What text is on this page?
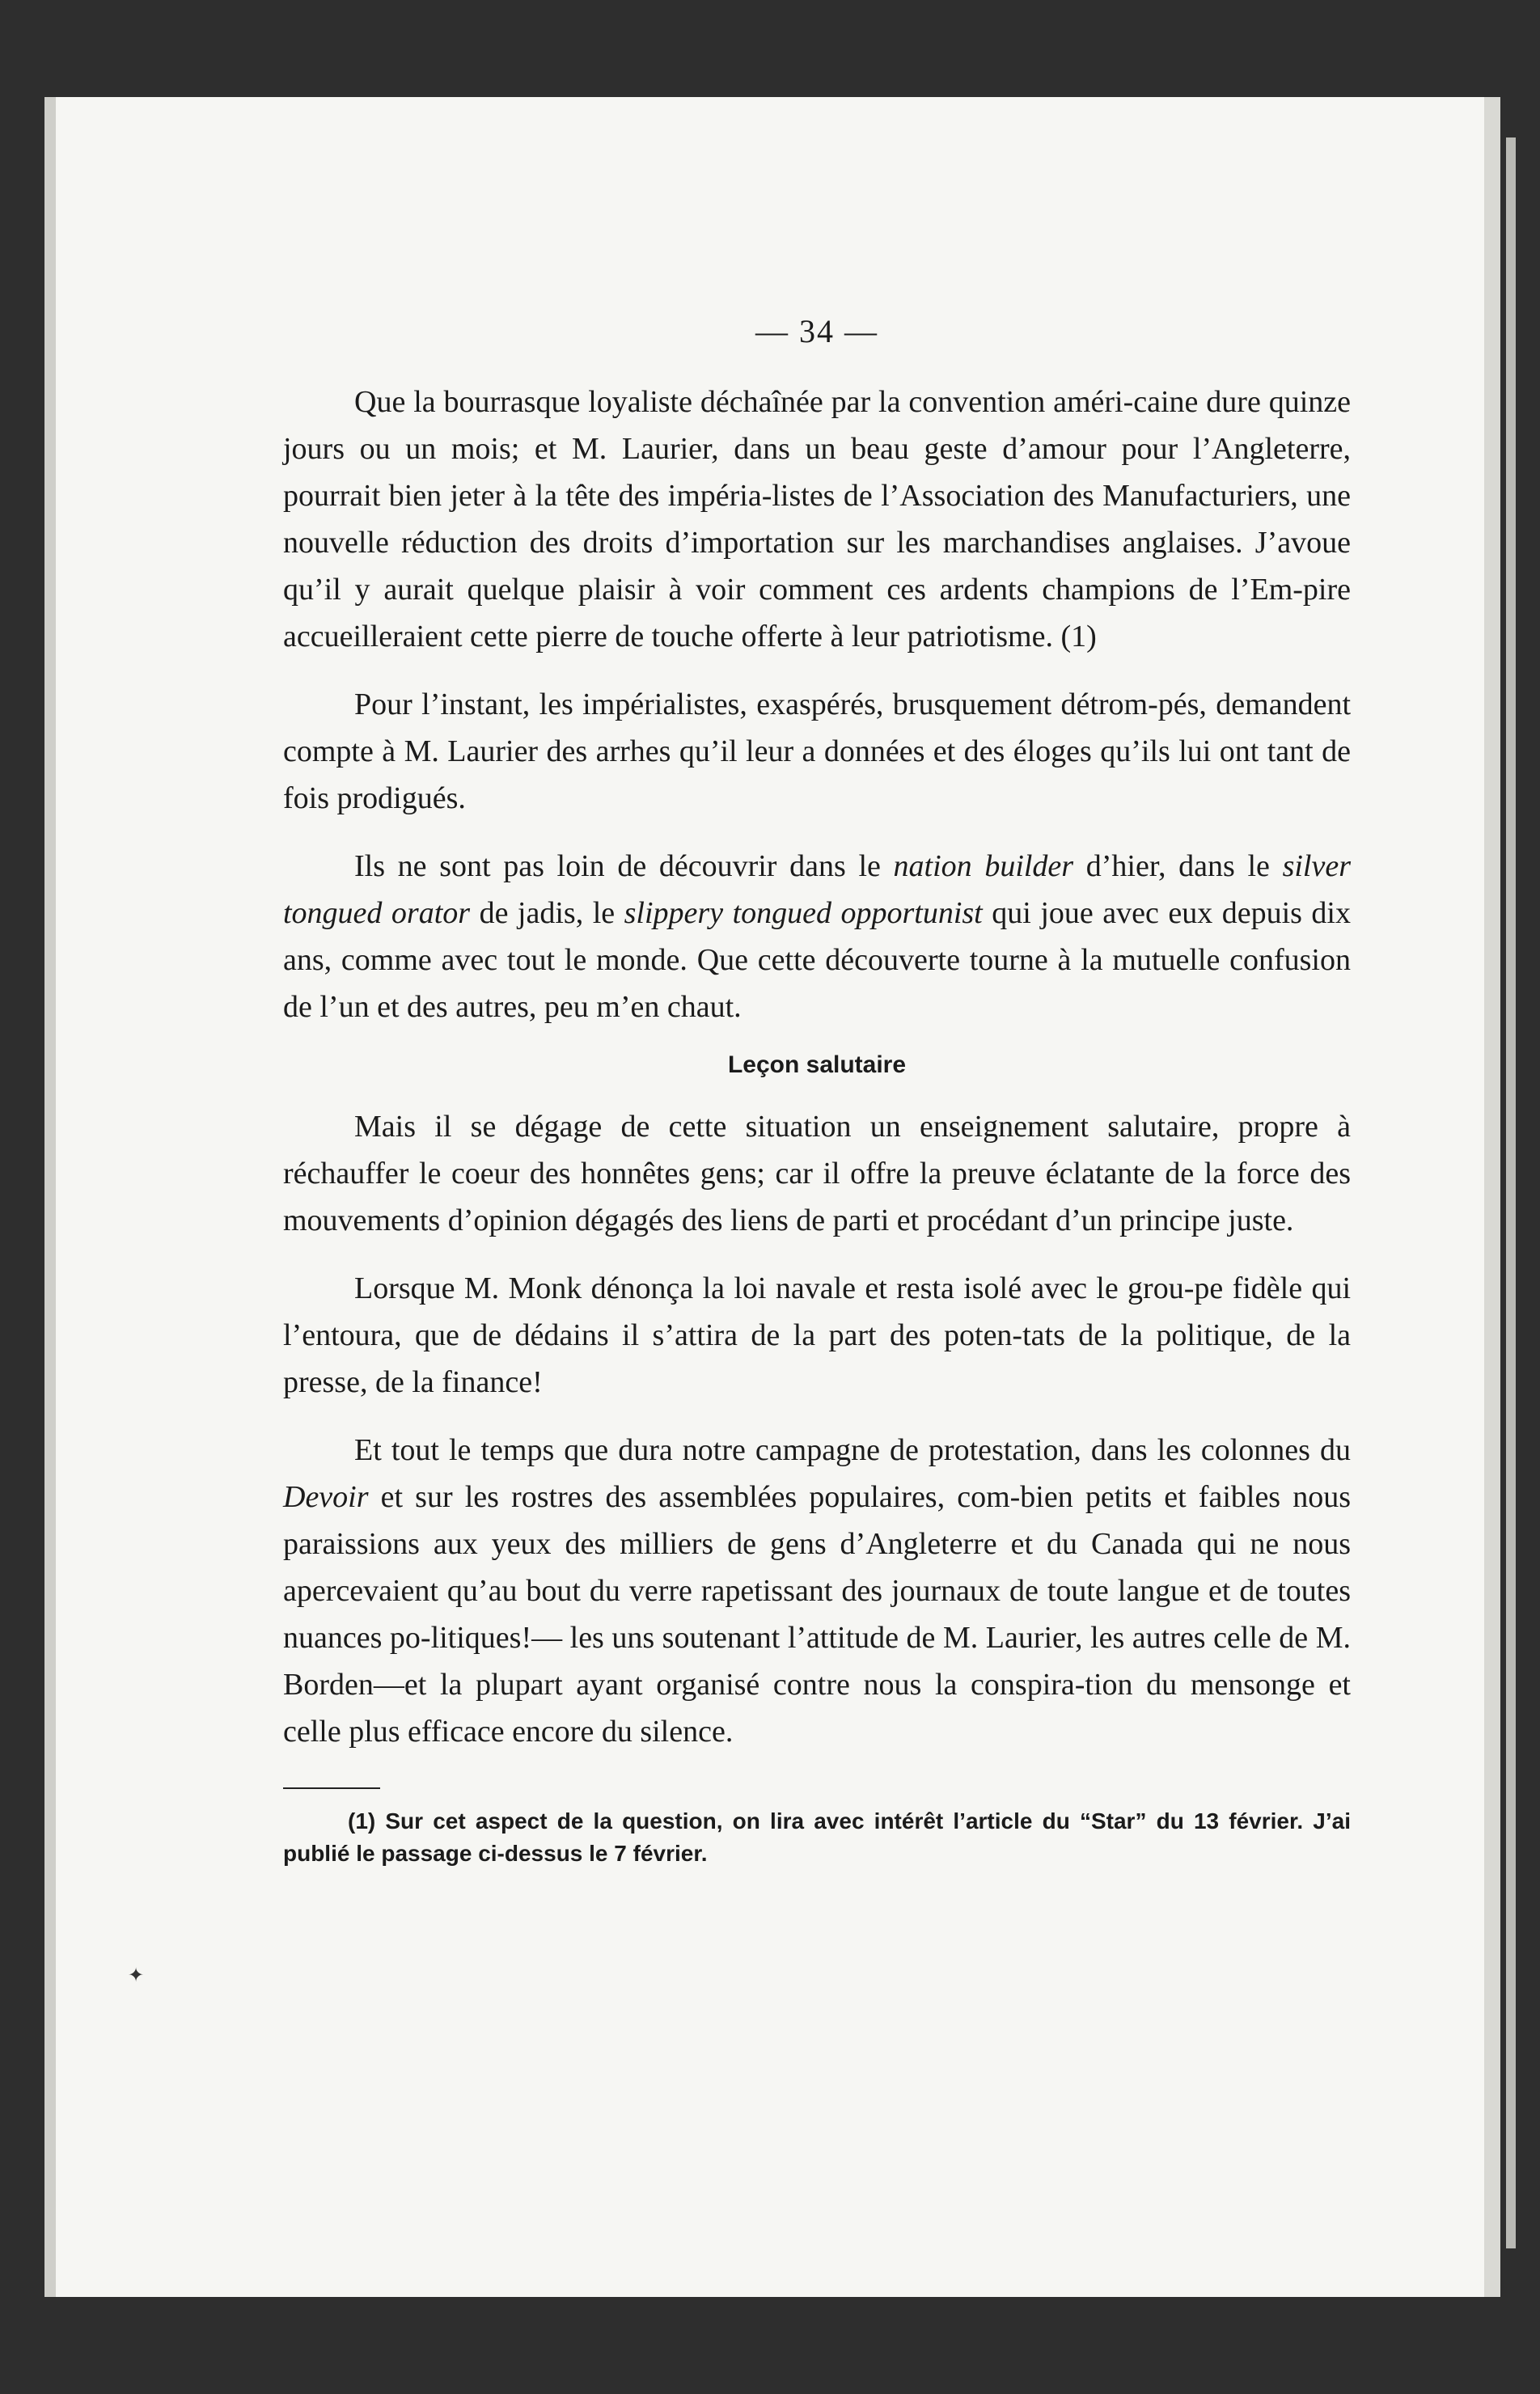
✦
— 34 —

Que la bourrasque loyaliste déchaînée par la convention améri-caine dure quinze jours ou un mois; et M. Laurier, dans un beau geste d’amour pour l’Angleterre, pourrait bien jeter à la tête des impéria-listes de l’Association des Manufacturiers, une nouvelle réduction des droits d’importation sur les marchandises anglaises. J’avoue qu’il y aurait quelque plaisir à voir comment ces ardents champions de l’Em-pire accueilleraient cette pierre de touche offerte à leur patriotisme. (1)

Pour l’instant, les impérialistes, exaspérés, brusquement détrom-pés, demandent compte à M. Laurier des arrhes qu’il leur a données et des éloges qu’ils lui ont tant de fois prodigués.

Ils ne sont pas loin de découvrir dans le nation builder d’hier, dans le silver tongued orator de jadis, le slippery tongued opportunist qui joue avec eux depuis dix ans, comme avec tout le monde. Que cette découverte tourne à la mutuelle confusion de l’un et des autres, peu m’en chaut.

Leçon salutaire

Mais il se dégage de cette situation un enseignement salutaire, propre à réchauffer le coeur des honnêtes gens; car il offre la preuve éclatante de la force des mouvements d’opinion dégagés des liens de parti et procédant d’un principe juste.

Lorsque M. Monk dénonça la loi navale et resta isolé avec le grou-pe fidèle qui l’entoura, que de dédains il s’attira de la part des poten-tats de la politique, de la presse, de la finance!

Et tout le temps que dura notre campagne de protestation, dans les colonnes du Devoir et sur les rostres des assemblées populaires, com-bien petits et faibles nous paraissions aux yeux des milliers de gens d’Angleterre et du Canada qui ne nous apercevaient qu’au bout du verre rapetissant des journaux de toute langue et de toutes nuances po-litiques!— les uns soutenant l’attitude de M. Laurier, les autres celle de M. Borden—et la plupart ayant organisé contre nous la conspira-tion du mensonge et celle plus efficace encore du silence.

(1) Sur cet aspect de la question, on lira avec intérêt l’article du “Star” du 13 février. J’ai publié le passage ci-dessus le 7 février.
